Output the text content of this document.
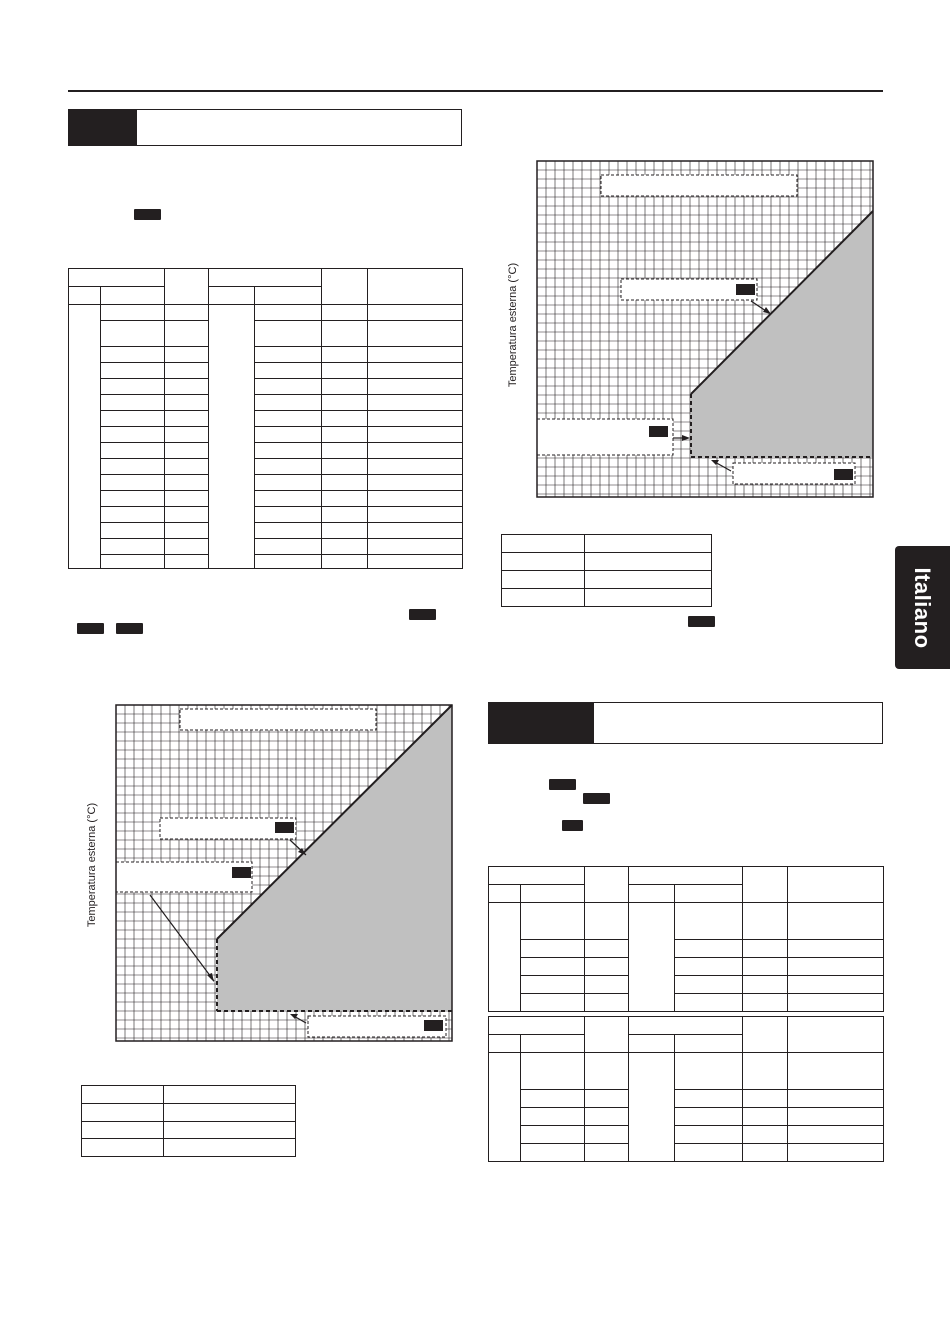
Temperatura esterna (°C)

Temperatura esterna (°C)

Italiano
